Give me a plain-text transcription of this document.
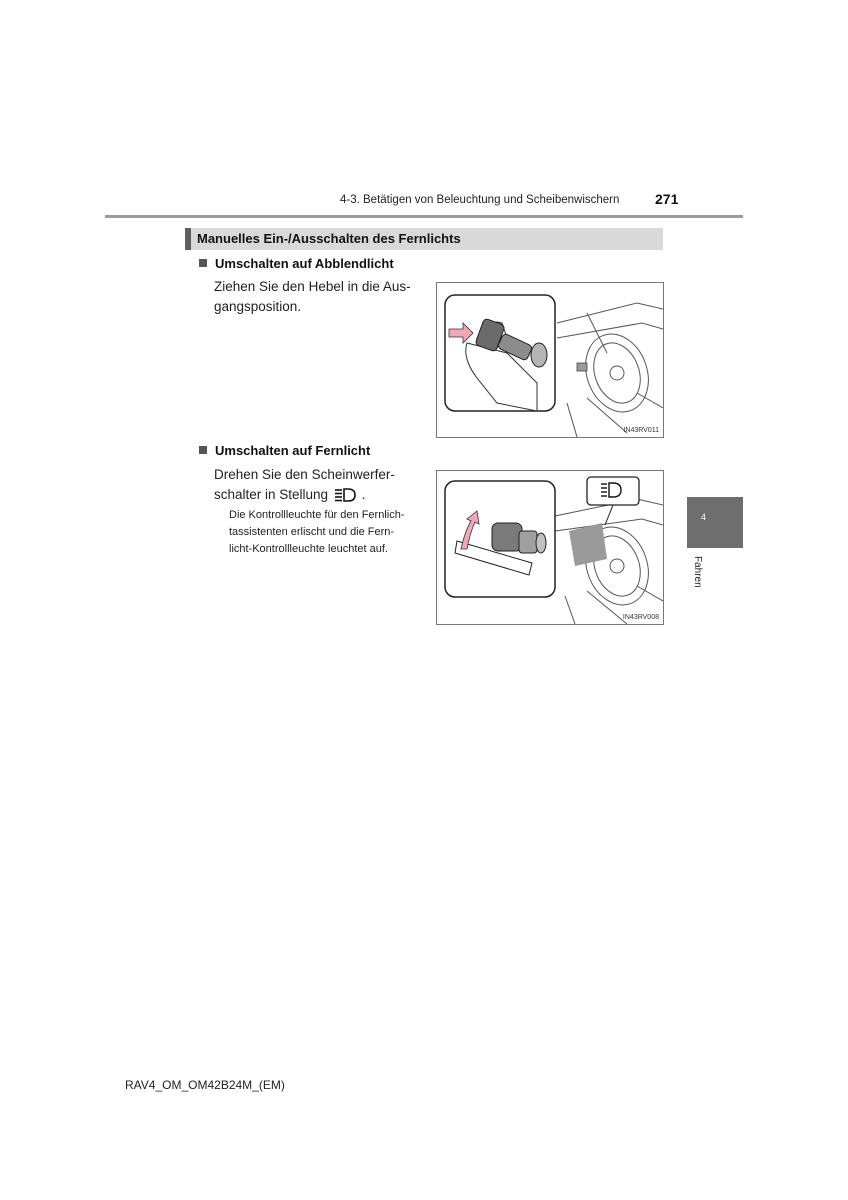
4-3. Betätigen von Beleuchtung und Scheibenwischern	271
Manuelles Ein-/Ausschalten des Fernlichts
Umschalten auf Abblendlicht
Ziehen Sie den Hebel in die Aus-
gangsposition.
IN43RV011
Umschalten auf Fernlicht
Drehen Sie den Scheinwerfer-
schalter in Stellung .
Die Kontrollleuchte für den Fernlich-
tassistenten erlischt und die Fern-
licht-Kontrollleuchte leuchtet auf.
IN43RV008
4
Fahren
RAV4_OM_OM42B24M_(EM)
